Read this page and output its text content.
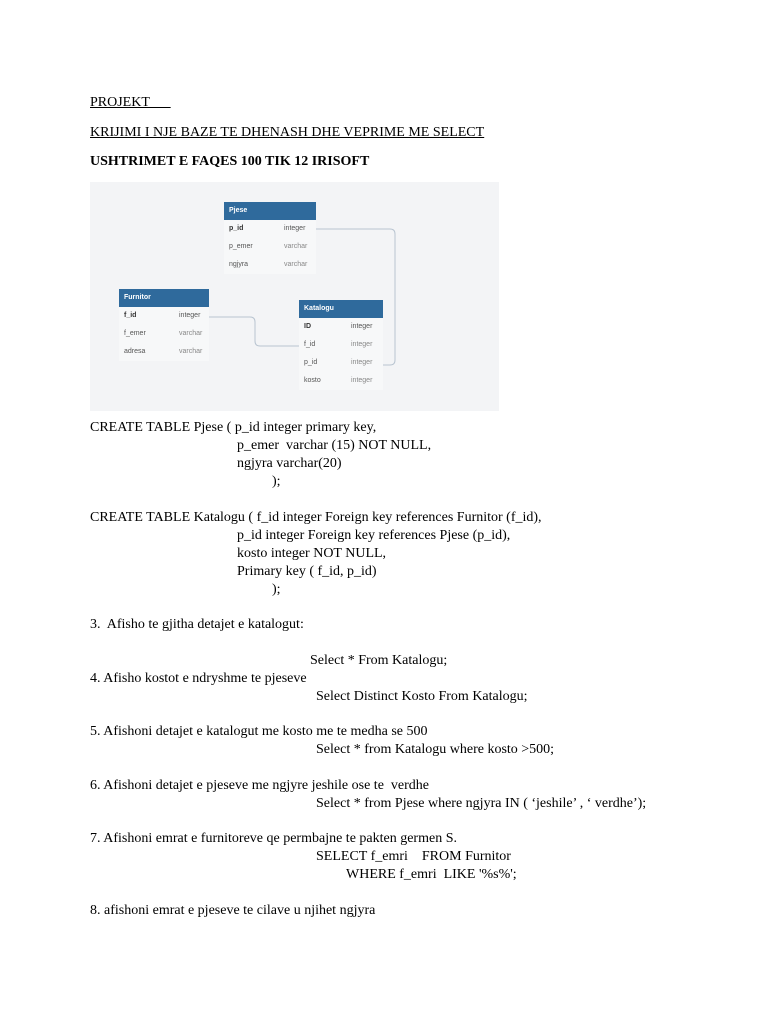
PROJEKT
KRIJIMI I NJE BAZE TE DHENASH DHE VEPRIME ME SELECT
USHTRIMET E FAQES 100 TIK 12 IRISOFT
Pjese
p_id	integer
p_emer	varchar
ngjyra	varchar
Furnitor
f_id	integer
f_emer	varchar
adresa	varchar
Katalogu
ID	integer
f_id	integer
p_id	integer
kosto	integer
CREATE TABLE Pjese ( p_id integer primary key,
p_emer  varchar (15) NOT NULL,
ngjyra varchar(20)
);
CREATE TABLE Katalogu ( f_id integer Foreign key references Furnitor (f_id),
p_id integer Foreign key references Pjese (p_id),
kosto integer NOT NULL,
Primary key ( f_id, p_id)
);
3.  Afisho te gjitha detajet e katalogut:
Select * From Katalogu;
4. Afisho kostot e ndryshme te pjeseve
Select Distinct Kosto From Katalogu;
5. Afishoni detajet e katalogut me kosto me te medha se 500
Select * from Katalogu where kosto >500;
6. Afishoni detajet e pjeseve me ngjyre jeshile ose te  verdhe
Select * from Pjese where ngjyra IN ( ‘jeshile’ , ‘ verdhe’);
7. Afishoni emrat e furnitoreve qe permbajne te pakten germen S.
SELECT f_emri    FROM Furnitor
WHERE f_emri  LIKE '%s%';
8. afishoni emrat e pjeseve te cilave u njihet ngjyra
